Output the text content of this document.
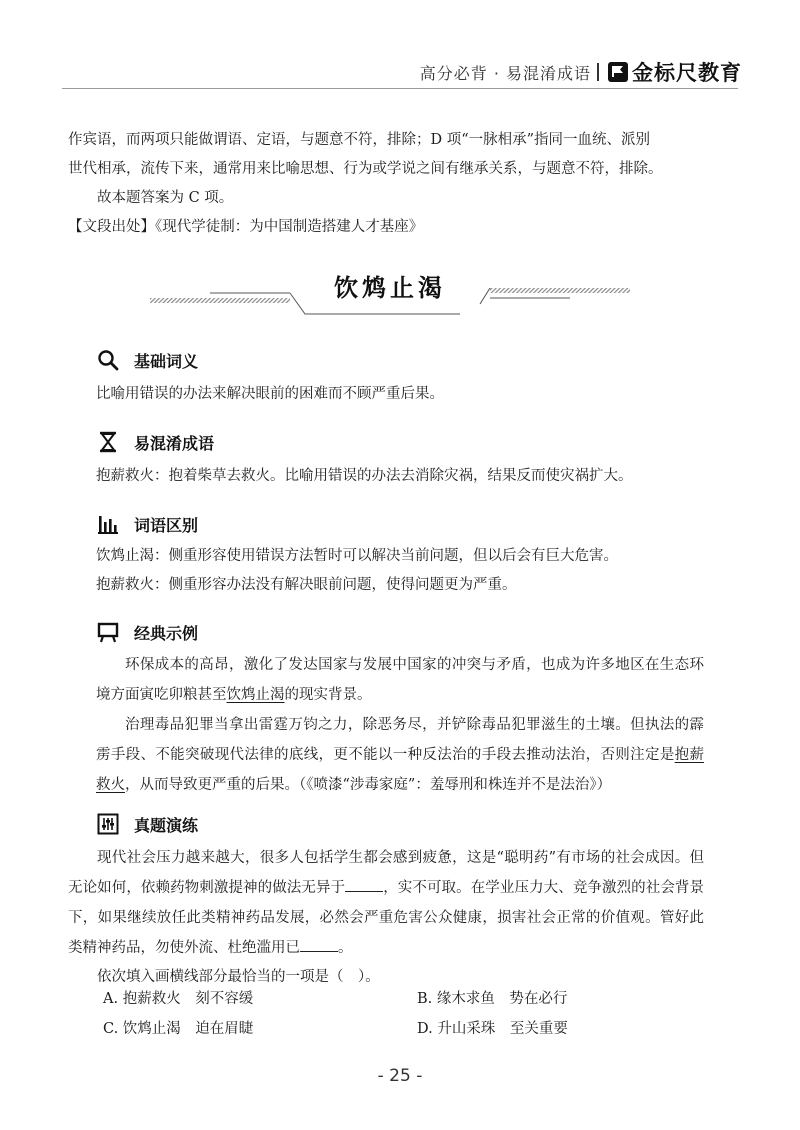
高分必背 · 易混淆成语 金标尺教育

作宾语，而两项只能做谓语、定语，与题意不符，排除；D 项“一脉相承”指同一血统、派别

世代相承，流传下来，通常用来比喻思想、行为或学说之间有继承关系，与题意不符，排除。

故本题答案为 C 项。

【文段出处】《现代学徒制：为中国制造搭建人才基座》

饮鸩止渴
基础词义

比喻用错误的办法来解决眼前的困难而不顾严重后果。

易混淆成语

抱薪救火：抱着柴草去救火。比喻用错误的办法去消除灾祸，结果反而使灾祸扩大。

词语区别

饮鸩止渴：侧重形容使用错误方法暂时可以解决当前问题，但以后会有巨大危害。

抱薪救火：侧重形容办法没有解决眼前问题，使得问题更为严重。

经典示例

环保成本的高昂，激化了发达国家与发展中国家的冲突与矛盾，也成为许多地区在生态环境方面寅吃卯粮甚至饮鸩止渴的现实背景。

治理毒品犯罪当拿出雷霆万钧之力，除恶务尽，并铲除毒品犯罪滋生的土壤。但执法的霹雳手段、不能突破现代法律的底线，更不能以一种反法治的手段去推动法治，否则注定是抱薪救火，从而导致更严重的后果。（《喷漆“涉毒家庭”：羞辱刑和株连并不是法治》）

真题演练

现代社会压力越来越大，很多人包括学生都会感到疲惫，这是“聪明药”有市场的社会成因。但无论如何，依赖药物刺激提神的做法无异于	，实不可取。在学业压力大、竞争激烈的社会背景下，如果继续放任此类精神药品发展，必然会严重危害公众健康，损害社会正常的价值观。管好此类精神药品，勿使外流、杜绝滥用已	。

依次填入画横线部分最恰当的一项是（　）。

A. 抱薪救火　刻不容缓	B. 缘木求鱼　势在必行
C. 饮鸩止渴　迫在眉睫	D. 升山采珠　至关重要
- 25 -
